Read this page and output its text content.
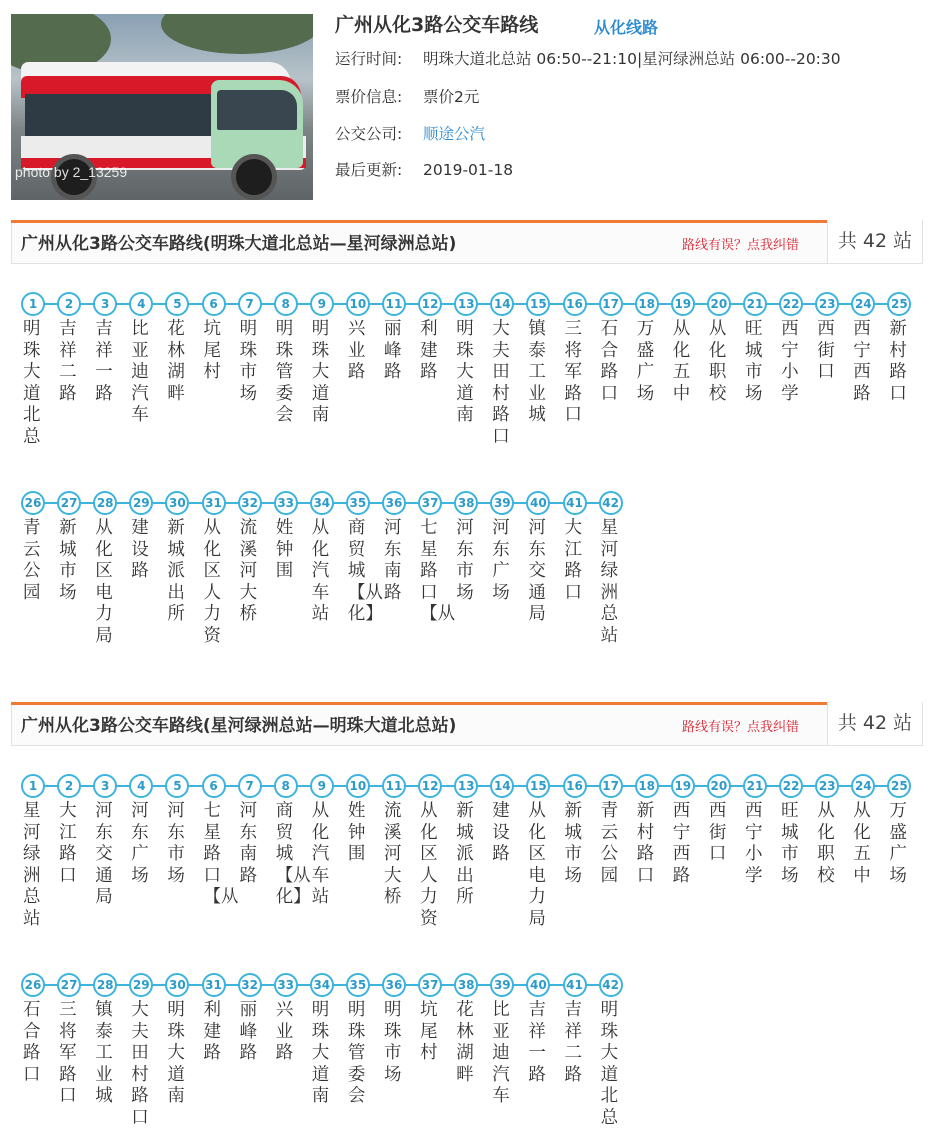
photo by 2_13259
广州从化3路公交车路线	从化线路
运行时间: 明珠大道北总站 06:50--21:10|星河绿洲总站 06:00--20:30
票价信息: 票价2元
公交公司: 顺途公汽
最后更新: 2019-01-18
广州从化3路公交车路线(明珠大道北总站—星河绿洲总站)	路线有误？点我纠错	共 42 站
1
明珠大道北总
2
吉祥二路
3
吉祥一路
4
比亚迪汽车
5
花林湖畔
6
坑尾村
7
明珠市场
8
明珠管委会
9
明珠大道南
10
兴业路
11
丽峰路
12
利建路
13
明珠大道南
14
大夫田村路口
15
镇泰工业城
16
三将军路口
17
石合路口
18
万盛广场
19
从化五中
20
从化职校
21
旺城市场
22
西宁小学
23
西街口
24
西宁西路
25
新村路口
26
青云公园
27
新城市场
28
从化区电力局
29
建设路
30
新城派出所
31
从化区人力资
32
流溪河大桥
33
姓钟围
34
从化汽车站
35
商贸城【从化】
36
河东南路
37
七星路口【从
38
河东市场
39
河东广场
40
河东交通局
41
大江路口
42
星河绿洲总站
广州从化3路公交车路线(星河绿洲总站—明珠大道北总站)	路线有误？点我纠错	共 42 站
1
星河绿洲总站
2
大江路口
3
河东交通局
4
河东广场
5
河东市场
6
七星路口【从
7
河东南路
8
商贸城【从化】
9
从化汽车站
10
姓钟围
11
流溪河大桥
12
从化区人力资
13
新城派出所
14
建设路
15
从化区电力局
16
新城市场
17
青云公园
18
新村路口
19
西宁西路
20
西街口
21
西宁小学
22
旺城市场
23
从化职校
24
从化五中
25
万盛广场
26
石合路口
27
三将军路口
28
镇泰工业城
29
大夫田村路口
30
明珠大道南
31
利建路
32
丽峰路
33
兴业路
34
明珠大道南
35
明珠管委会
36
明珠市场
37
坑尾村
38
花林湖畔
39
比亚迪汽车
40
吉祥一路
41
吉祥二路
42
明珠大道北总
